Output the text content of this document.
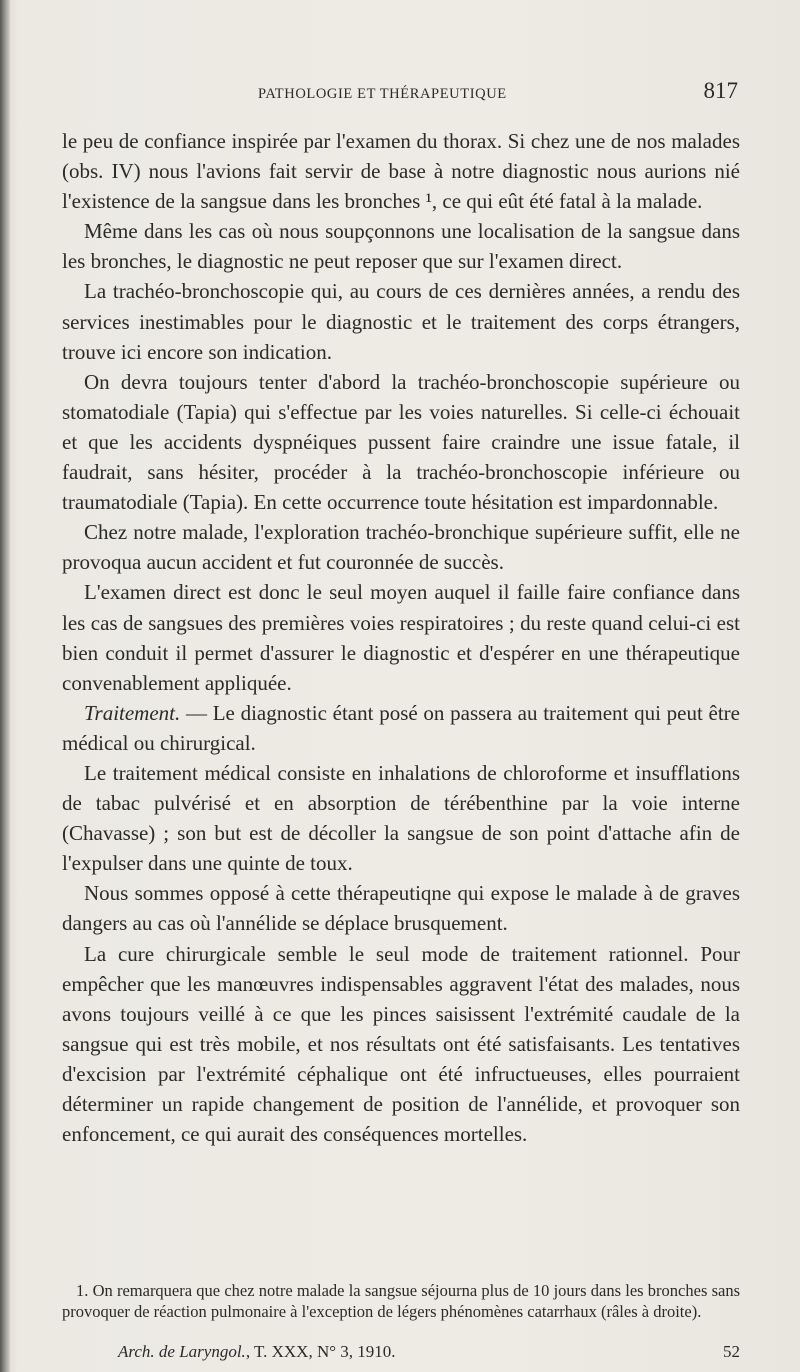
PATHOLOGIE ET THÉRAPEUTIQUE	817

le peu de confiance inspirée par l'examen du thorax. Si chez une de nos malades (obs. IV) nous l'avions fait servir de base à notre diagnostic nous aurions nié l'existence de la sangsue dans les bronches ¹, ce qui eût été fatal à la malade.

Même dans les cas où nous soupçonnons une localisation de la sangsue dans les bronches, le diagnostic ne peut reposer que sur l'examen direct.

La trachéo-bronchoscopie qui, au cours de ces dernières années, a rendu des services inestimables pour le diagnostic et le traitement des corps étrangers, trouve ici encore son indication.

On devra toujours tenter d'abord la trachéo-bronchoscopie supérieure ou stomatodiale (Tapia) qui s'effectue par les voies naturelles. Si celle-ci échouait et que les accidents dyspnéiques pussent faire craindre une issue fatale, il faudrait, sans hésiter, procéder à la trachéo-bronchoscopie inférieure ou traumatodiale (Tapia). En cette occurrence toute hésitation est impardonnable.

Chez notre malade, l'exploration trachéo-bronchique supérieure suffit, elle ne provoqua aucun accident et fut couronnée de succès.

L'examen direct est donc le seul moyen auquel il faille faire confiance dans les cas de sangsues des premières voies respiratoires ; du reste quand celui-ci est bien conduit il permet d'assurer le diagnostic et d'espérer en une thérapeutique convenablement appliquée.

Traitement. — Le diagnostic étant posé on passera au traitement qui peut être médical ou chirurgical.

Le traitement médical consiste en inhalations de chloroforme et insufflations de tabac pulvérisé et en absorption de térébenthine par la voie interne (Chavasse) ; son but est de décoller la sangsue de son point d'attache afin de l'expulser dans une quinte de toux.

Nous sommes opposé à cette thérapeutiqne qui expose le malade à de graves dangers au cas où l'annélide se déplace brusquement.

La cure chirurgicale semble le seul mode de traitement rationnel. Pour empêcher que les manœuvres indispensables aggravent l'état des malades, nous avons toujours veillé à ce que les pinces saisissent l'extrémité caudale de la sangsue qui est très mobile, et nos résultats ont été satisfaisants. Les tentatives d'excision par l'extrémité céphalique ont été infructueuses, elles pourraient déterminer un rapide changement de position de l'annélide, et provoquer son enfoncement, ce qui aurait des conséquences mortelles.

1. On remarquera que chez notre malade la sangsue séjourna plus de 10 jours dans les bronches sans provoquer de réaction pulmonaire à l'exception de légers phénomènes catarrhaux (râles à droite).

Arch. de Laryngol., T. XXX, N° 3, 1910.	52
